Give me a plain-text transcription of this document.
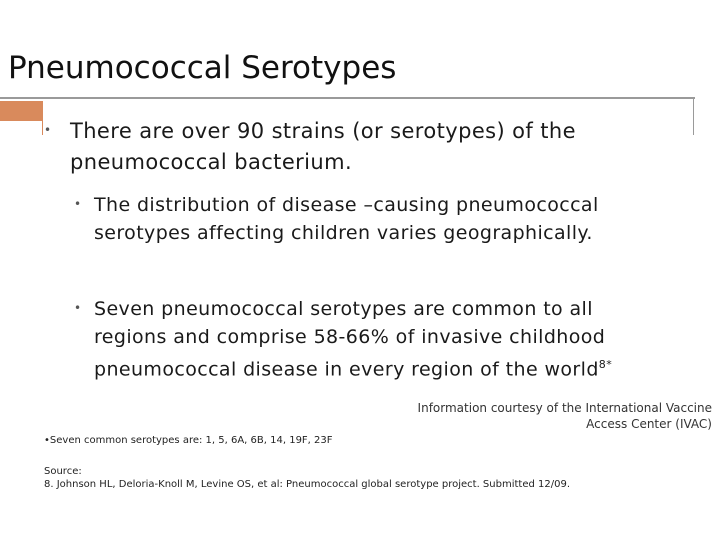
Pneumococcal Serotypes
• There are over 90 strains (or serotypes) of the pneumococcal bacterium.
• The distribution of disease –causing pneumococcal serotypes affecting children varies geographically.
• Seven pneumococcal serotypes are common to all regions and comprise 58-66% of invasive childhood pneumococcal disease in every region of the world$^{8*}$
Information courtesy of the International Vaccine Access Center (IVAC)
•Seven common serotypes are: 1, 5, 6A, 6B, 14, 19F, 23F
Source:
8. Johnson HL, Deloria-Knoll M, Levine OS, et al: Pneumococcal global serotype project. Submitted 12/09.
